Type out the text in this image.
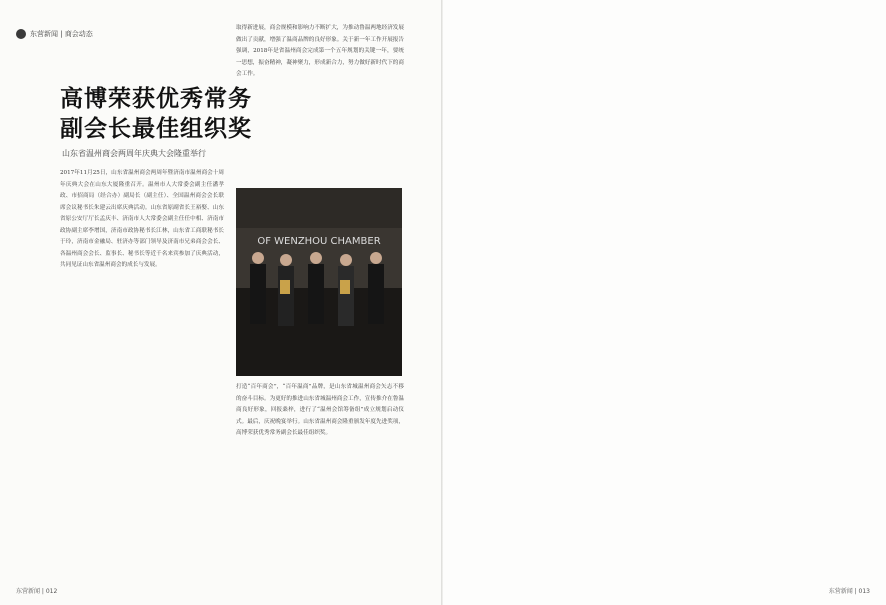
东营新闻 | 商会动态
高博荣获优秀常务
副会长最佳组织奖
山东省温州商会两周年庆典大会隆重举行
2017年11月25日，山东省温州商会两周年暨济南市温州商会十周年庆典大会在山东大厦隆重召开。温州市人大常委会副主任潘孝政、市招商局（经合办）副局长（副主任）、全国温州商会会长联席会议秘书长朱建云出席庆典活动。山东省原副省长王裕娶、山东省原公安厅厅长孟庆丰、济南市人大常委会副主任任中相、济南市政协副主席李增国，济南市政协秘书长江林，山东省工商联秘书长于玲，济南市金融局、驻济办等部门领导及济南市兄弟商会会长、各温州商会会长、监事长、秘书长等近千名来宾参加了庆典活动，共同见证山东省温州商会的成长与发展。
取得新进展，商会规模和影响力不断扩大，为推动鲁温两地经济发展做出了贡献，增强了温商品牌的良好形象。关于新一年工作开展报告强调，2018年是省温州商会完成第一个五年规划的关键一年，要统一思想，振奋精神，凝神聚力，形成新合力，努力做好新时代下的商会工作。
OF WENZHOU CHAMBER
打造“百年商会”，“百年温商”品牌，是山东省城温州商会矢志不移的奋斗目标。为更好的推进山东省城温州商会工作，宣传推介在鲁温商良好形象，回报桑梓，进行了“温州会馆筹备组”成立规划启动仪式。最后，庆祝晚宴举行。山东省温州商会隆重颁发年度先进奖项，高博荣获优秀常务副会长最佳组织奖。
东营新闻 | 012	东营新闻 | 013
